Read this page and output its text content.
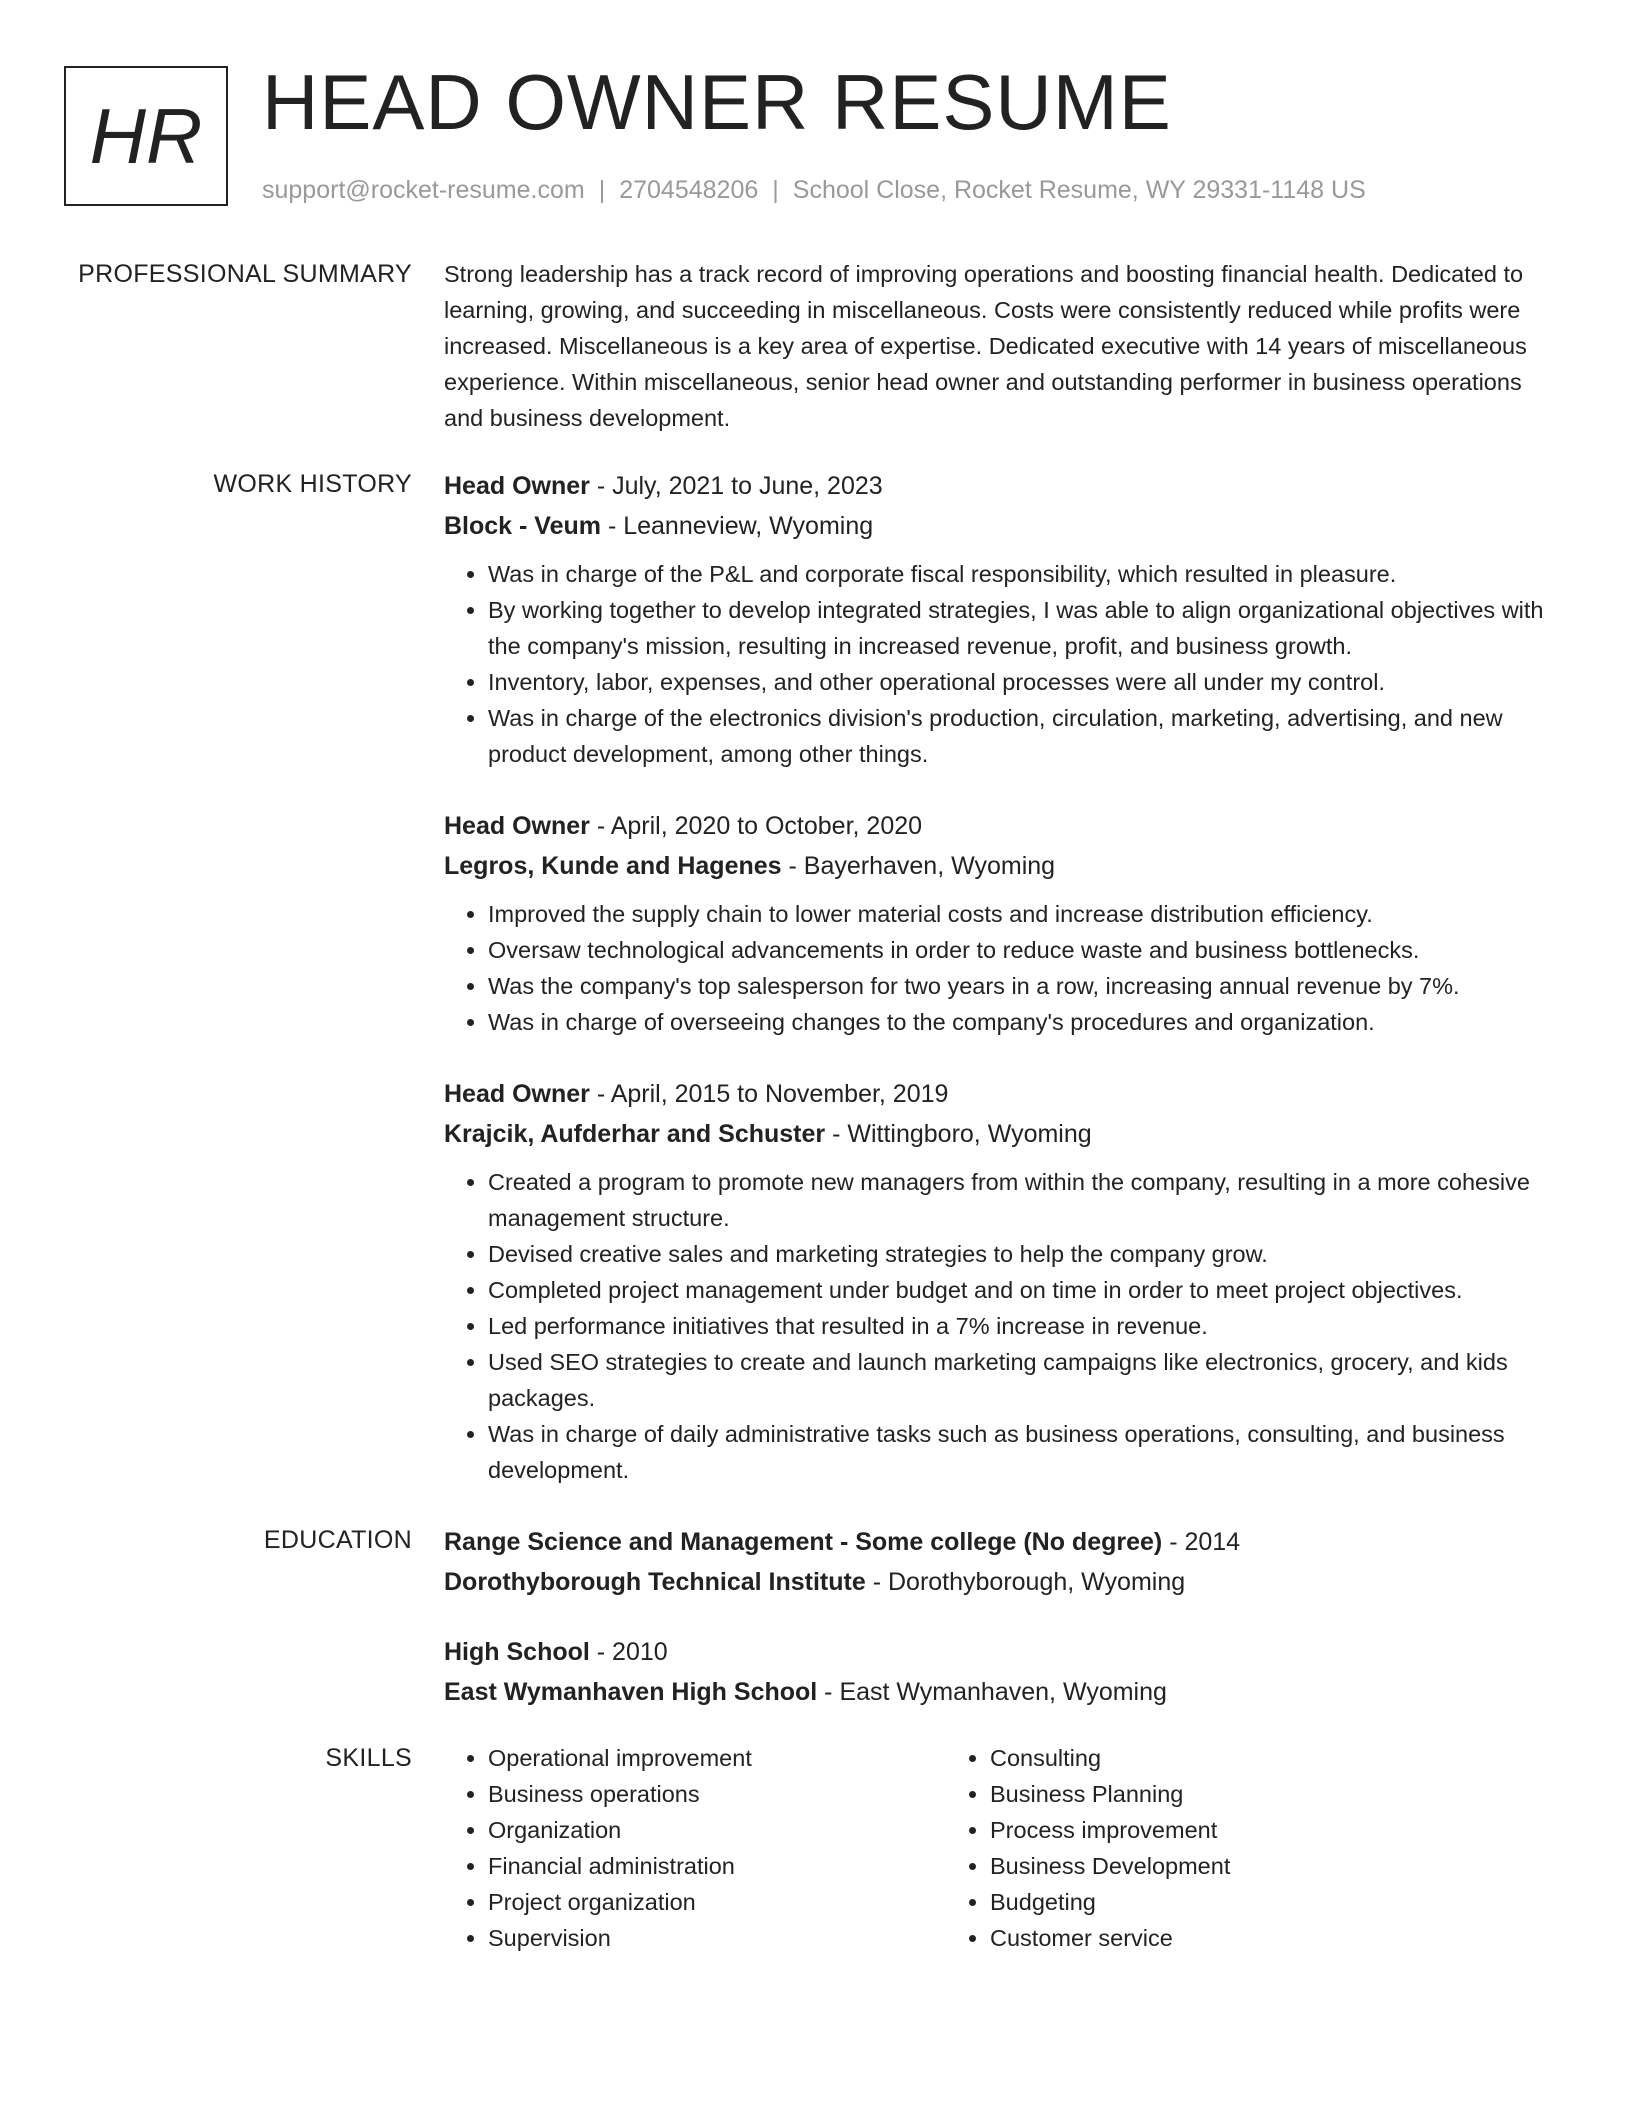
HR HEAD OWNER RESUME
support@rocket-resume.com | 2704548206 | School Close, Rocket Resume, WY 29331-1148 US
PROFESSIONAL SUMMARY Strong leadership has a track record of improving operations and boosting financial health. Dedicated to learning, growing, and succeeding in miscellaneous. Costs were consistently reduced while profits were increased. Miscellaneous is a key area of expertise. Dedicated executive with 14 years of miscellaneous experience. Within miscellaneous, senior head owner and outstanding performer in business operations and business development.

WORK HISTORY Head Owner - July, 2021 to June, 2023
Block - Veum - Leanneview, Wyoming
• Was in charge of the P&L and corporate fiscal responsibility, which resulted in pleasure.
• By working together to develop integrated strategies, I was able to align organizational objectives with the company's mission, resulting in increased revenue, profit, and business growth.
• Inventory, labor, expenses, and other operational processes were all under my control.
• Was in charge of the electronics division's production, circulation, marketing, advertising, and new product development, among other things.
Head Owner - April, 2020 to October, 2020
Legros, Kunde and Hagenes - Bayerhaven, Wyoming
• Improved the supply chain to lower material costs and increase distribution efficiency.
• Oversaw technological advancements in order to reduce waste and business bottlenecks.
• Was the company's top salesperson for two years in a row, increasing annual revenue by 7%.
• Was in charge of overseeing changes to the company's procedures and organization.
Head Owner - April, 2015 to November, 2019
Krajcik, Aufderhar and Schuster - Wittingboro, Wyoming
• Created a program to promote new managers from within the company, resulting in a more cohesive management structure.
• Devised creative sales and marketing strategies to help the company grow.
• Completed project management under budget and on time in order to meet project objectives.
• Led performance initiatives that resulted in a 7% increase in revenue.
• Used SEO strategies to create and launch marketing campaigns like electronics, grocery, and kids packages.
• Was in charge of daily administrative tasks such as business operations, consulting, and business development.
EDUCATION Range Science and Management - Some college (No degree) - 2014
Dorothyborough Technical Institute - Dorothyborough, Wyoming
High School - 2010
East Wymanhaven High School - East Wymanhaven, Wyoming
SKILLS
•	Operational improvement
• Business operations
• Organization
• Financial administration
• Project organization
• Supervision
• Consulting
• Business Planning
• Process improvement
• Business Development
• Budgeting
• Customer service
